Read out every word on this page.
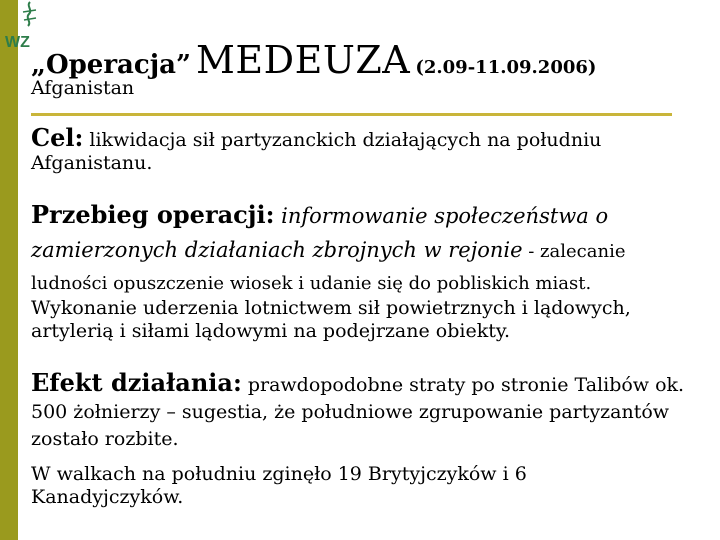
WZ
„Operacja” MEDEUZA (2.09-11.09.2006)
Afganistan
Cel: likwidacja sił partyzanckich działających na południu Afganistanu.
Przebieg operacji: informowanie społeczeństwa o zamierzonych działaniach zbrojnych w rejonie - zalecanie ludności opuszczenie wiosek i udanie się do pobliskich miast.
Wykonanie uderzenia lotnictwem sił powietrznych i lądowych, artylerią i siłami lądowymi na podejrzane obiekty.
Efekt działania: prawdopodobne straty po stronie Talibów ok. 500 żołnierzy – sugestia, że południowe zgrupowanie partyzantów zostało rozbite.
W walkach na południu zginęło 19 Brytyjczyków i 6 Kanadyjczyków.
